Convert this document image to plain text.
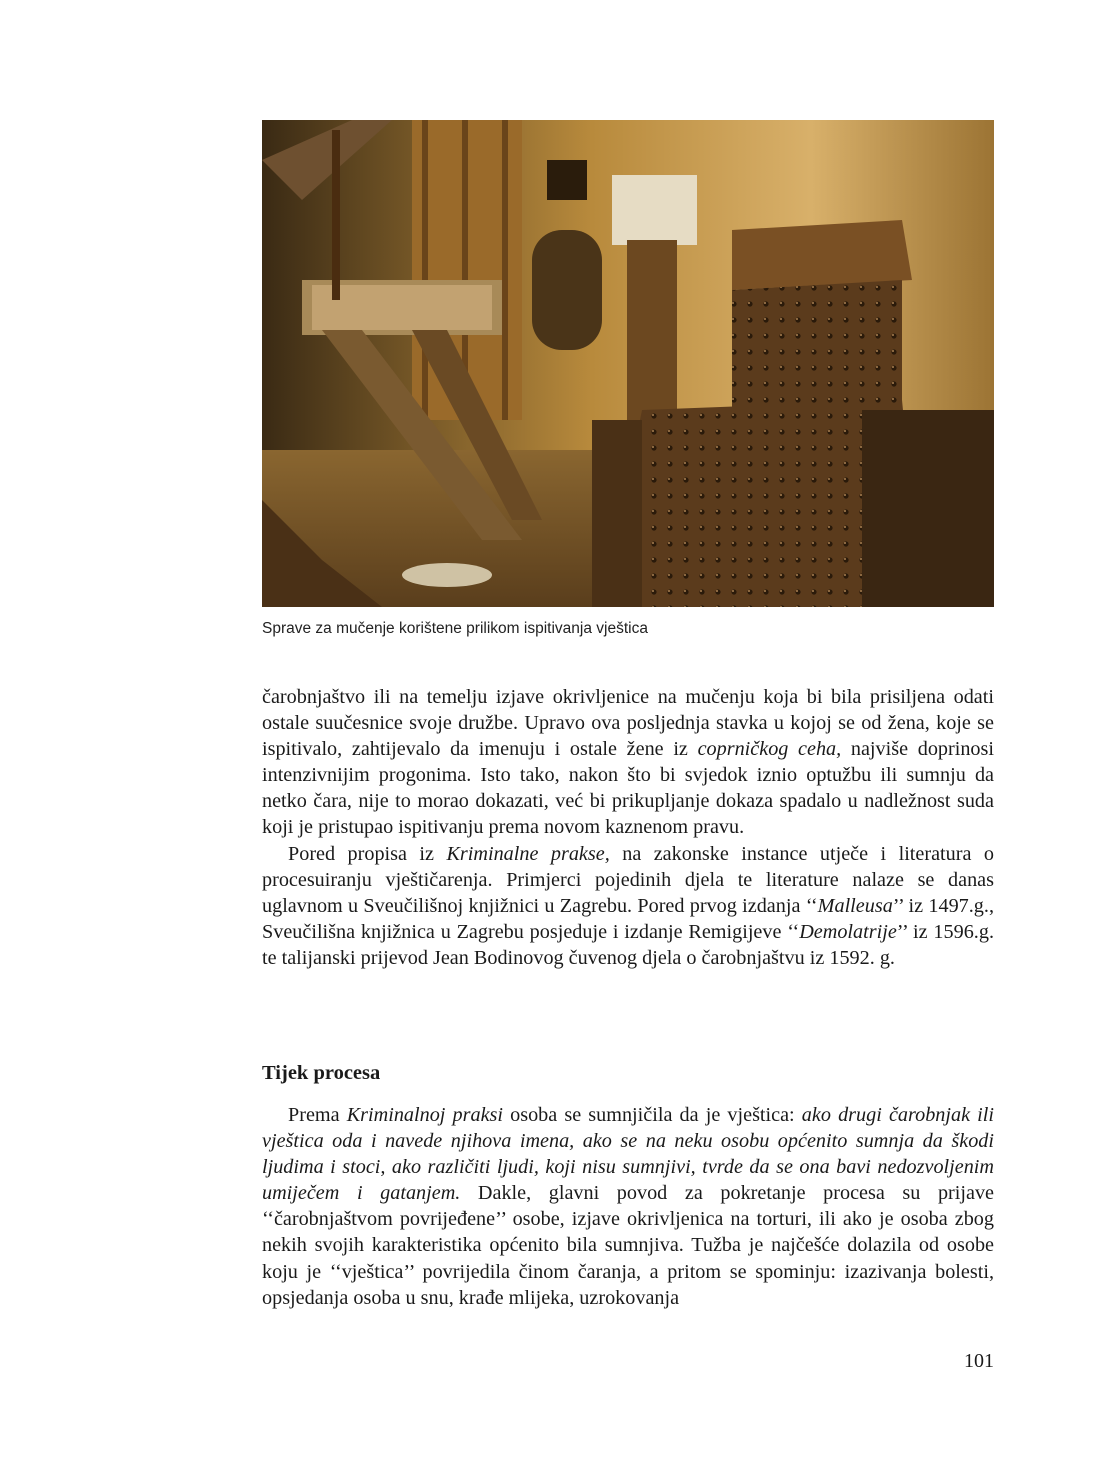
Sprave za mučenje korištene prilikom ispitivanja vještica

čarobnjaštvo ili na temelju izjave okrivljenice na mučenju koja bi bila prisiljena odati ostale suučesnice svoje družbe. Upravo ova posljednja stavka u kojoj se od žena, koje se ispitivalo, zahtijevalo da imenuju i ostale žene iz coprničkog ceha, najviše doprinosi intenzivnijim progonima. Isto tako, nakon što bi svjedok iznio optužbu ili sumnju da netko čara, nije to morao dokazati, već bi prikupljanje dokaza spadalo u nadležnost suda koji je pristupao ispitivanju prema novom kaznenom pravu.

Pored propisa iz Kriminalne prakse, na zakonske instance utječe i literatura o procesuiranju vještičarenja. Primjerci pojedinih djela te literature nalaze se danas uglavnom u Sveučilišnoj knjižnici u Zagrebu. Pored prvog izdanja ‘‘Malleusa’’ iz 1497.g., Sveučilišna knjižnica u Zagrebu posjeduje i izdanje Remigijeve ‘‘Demolatrije’’ iz 1596.g. te talijanski prijevod Jean Bodinovog čuvenog djela o čarobnjaštvu iz 1592. g.

Tijek procesa

Prema Kriminalnoj praksi osoba se sumnjičila da je vještica: ako drugi čarobnjak ili vještica oda i navede njihova imena, ako se na neku osobu općenito sumnja da škodi ljudima i stoci, ako različiti ljudi, koji nisu sumnjivi, tvrde da se ona bavi nedozvoljenim umiječem i gatanjem. Dakle, glavni povod za pokretanje procesa su prijave ‘‘čarobnjaštvom povrijeđene’’ osobe, izjave okrivljenica na torturi, ili ako je osoba zbog nekih svojih karakteristika općenito bila sumnjiva. Tužba je najčešće dolazila od osobe koju je ‘‘vještica’’ povrijedila činom čaranja, a pritom se spominju: izazivanja bolesti, opsjedanja osoba u snu, krađe mlijeka, uzrokovanja

101
